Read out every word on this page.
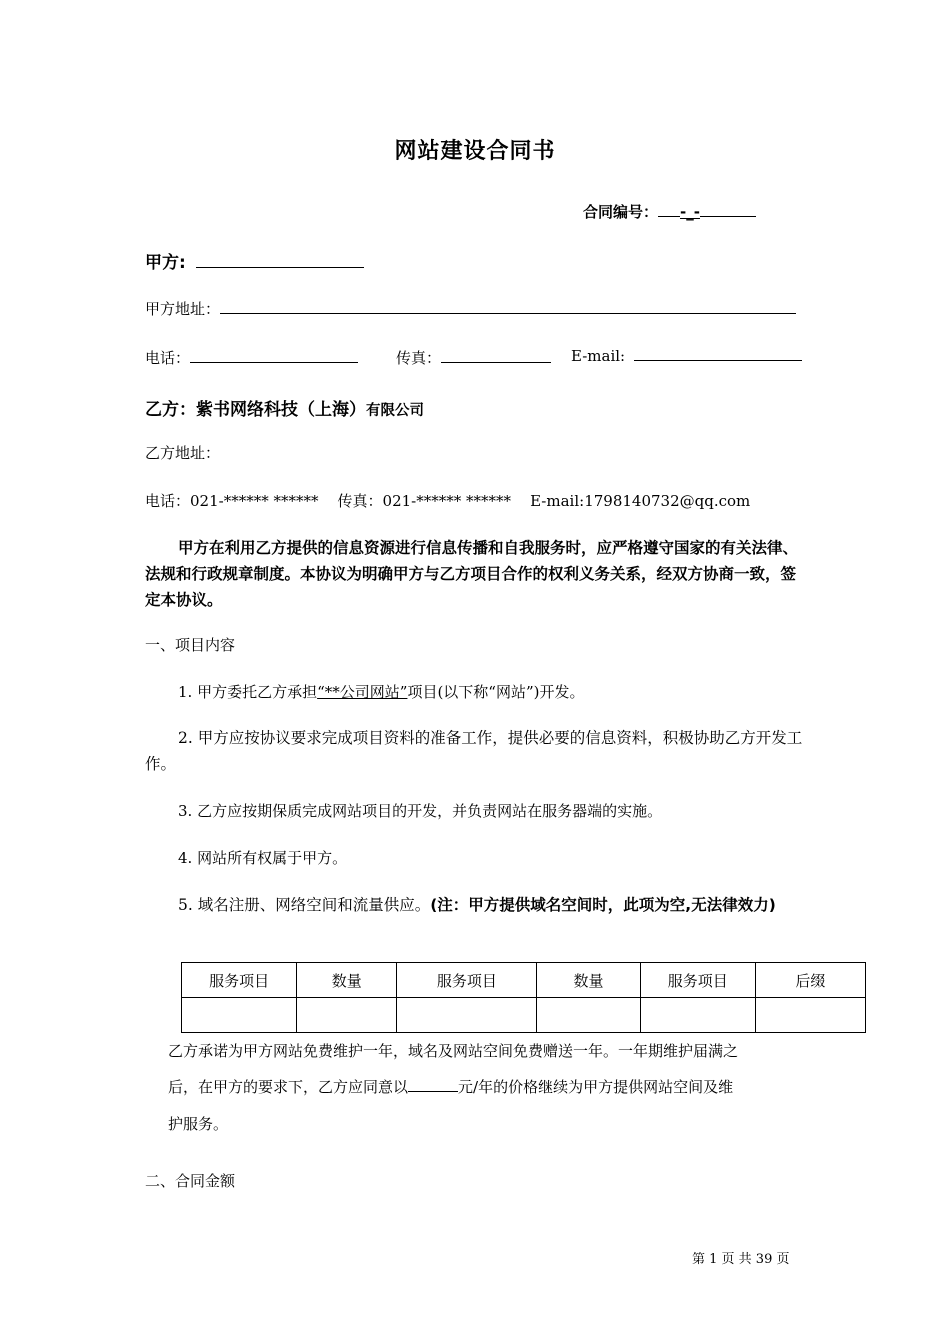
网站建设合同书
合同编号： -_-
甲方:
甲方地址：
电话：	传真：	E-mail:
乙方：紫书网络科技（上海）有限公司
乙方地址：
电话：021-****** ******    传真：021-****** ******    E-mail:1798140732@qq.com
甲方在利用乙方提供的信息资源进行信息传播和自我服务时，应严格遵守国家的有关法律、法规和行政规章制度。本协议为明确甲方与乙方项目合作的权利义务关系，经双方协商一致，签定本协议。
一、项目内容
1. 甲方委托乙方承担“**公司网站”项目(以下称“网站”)开发。
2. 甲方应按协议要求完成项目资料的准备工作，提供必要的信息资料，积极协助乙方开发工作。
3. 乙方应按期保质完成网站项目的开发，并负责网站在服务器端的实施。
4. 网站所有权属于甲方。
5. 域名注册、网络空间和流量供应。(注：甲方提供域名空间时，此项为空,无法律效力)
服务项目	数量	服务项目	数量	服务项目	后缀

乙方承诺为甲方网站免费维护一年，域名及网站空间免费赠送一年。一年期维护届满之
后，在甲方的要求下，乙方应同意以	元/年的价格继续为甲方提供网站空间及维
护服务。
二、合同金额
第 1 页 共 39 页
